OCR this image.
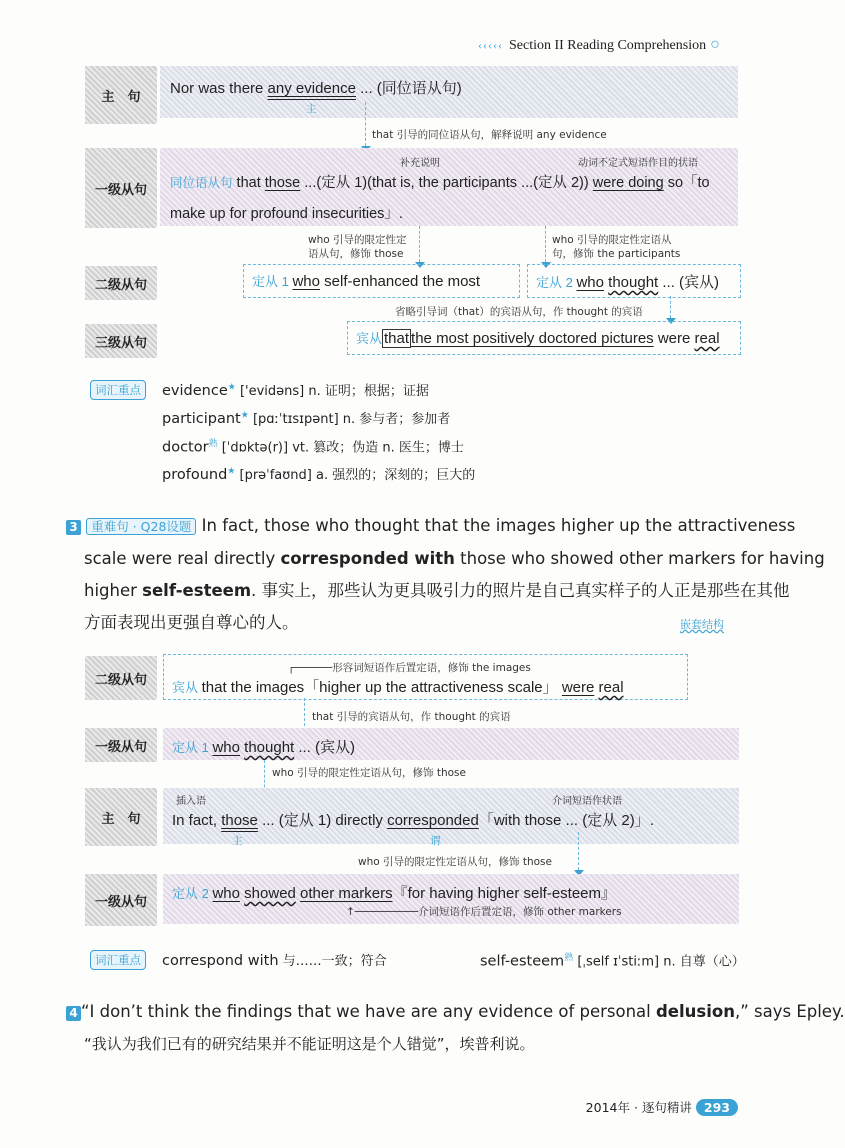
‹‹‹‹‹ Section II Reading Comprehension ○
主　句 Nor was there any evidence ... (同位语从句)
主
that 引导的同位语从句，解释说明 any evidence
一级从句
补充说明	动词不定式短语作目的状语
同位语从句 that those ...(定从 1)(that is, the participants ...(定从 2)) were doing so「to
make up for profound insecurities」.
who 引导的限定性定
语从句，修饰 those
who 引导的限定性定语从
句，修饰 the participants
二级从句	定从 1 who self-enhanced the most	定从 2 who thought ... (宾从)
省略引导词（that）的宾语从句，作 thought 的宾语
三级从句	宾从 that the most positively doctored pictures were real
词汇重点	evidence★ ['evidəns] n. 证明；根据；证据
participant★ [pɑːˈtɪsɪpənt] n. 参与者；参加者
doctor$^熟$ [ˈdɒktə(r)] vt. 篡改；伪造 n. 医生；博士
profound★ [prəˈfaʊnd] a. 强烈的；深刻的；巨大的
3 重难句 · Q28设题 In fact, those who thought that the images higher up the attractiveness
scale were real directly corresponded with those who showed other markers for having
higher self-esteem. 事实上，那些认为更具吸引力的照片是自己真实样子的人正是那些在其他
方面表现出更强自尊心的人。	嵌套结构
二级从句
┌──────形容词短语作后置定语，修饰 the images
宾从 that the images「higher up the attractiveness scale」 were real
that 引导的宾语从句，作 thought 的宾语
一级从句 定从 1 who thought ... (宾从)
who 引导的限定性定语从句，修饰 those
主　句
插入语	介词短语作状语
In fact, those ... (定从 1) directly corresponded「with those ... (定从 2)」.
主	谓
who 引导的限定性定语从句，修饰 those
一级从句
定从 2 who showed other markers『for having higher self-esteem』
↑──────────介词短语作后置定语，修饰 other markers
词汇重点	correspond with 与……一致；符合	self-esteem$^熟$ [ˌself ɪˈstiːm] n. 自尊（心）
4 “I don’t think the findings that we have are any evidence of personal delusion,” says Epley.
“我认为我们已有的研究结果并不能证明这是个人错觉”，埃普利说。
2014年 · 逐句精讲 293
